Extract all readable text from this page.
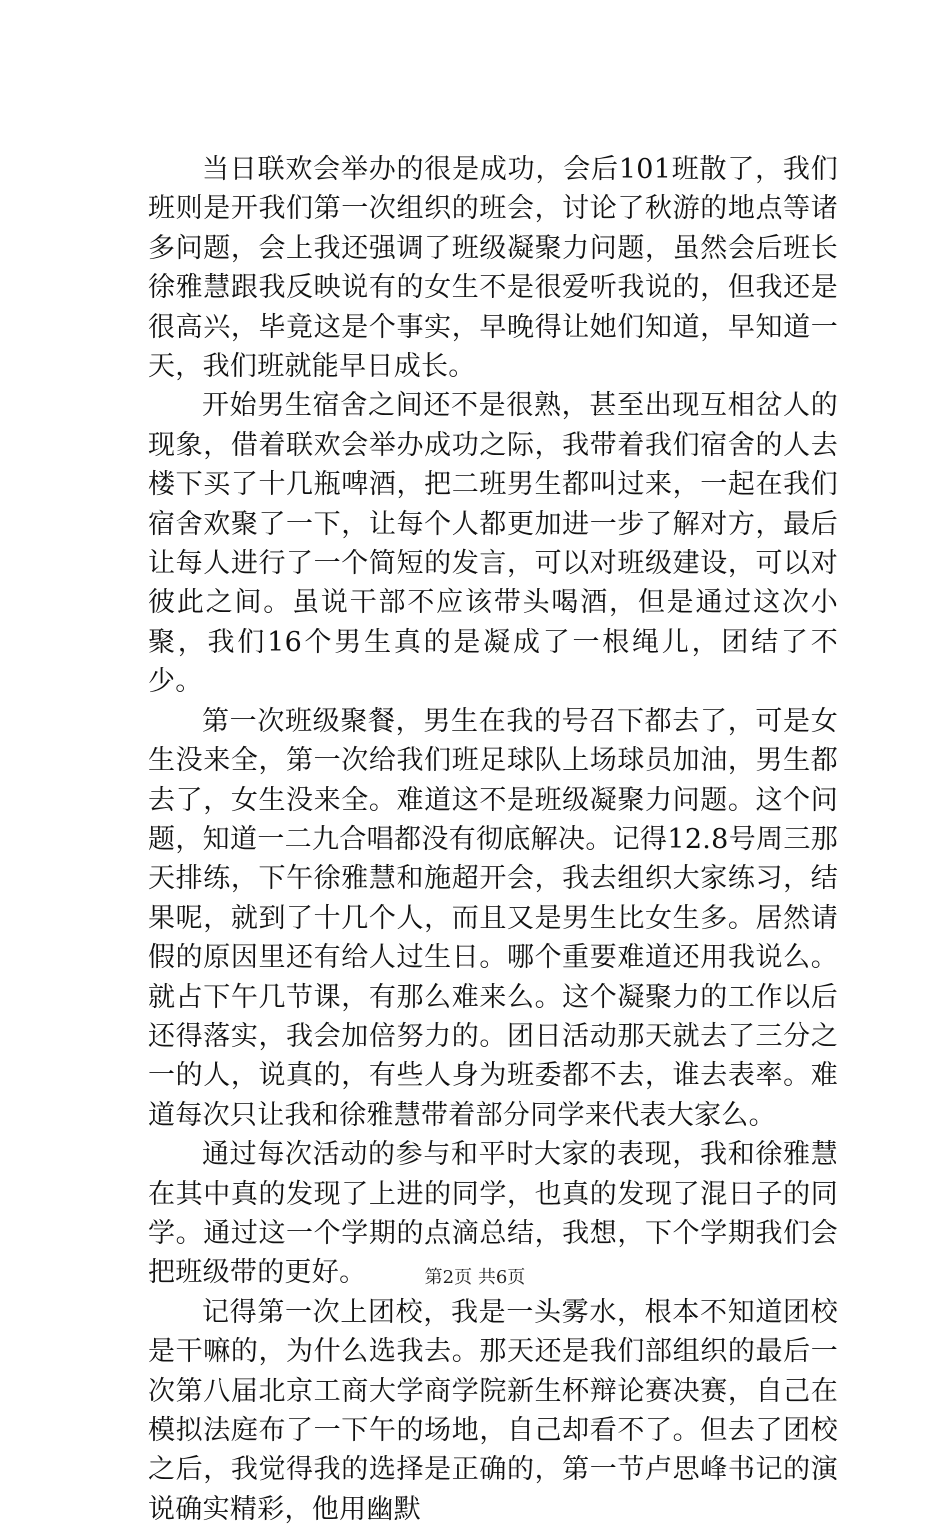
当日联欢会举办的很是成功，会后101班散了，我们班则是开我们第一次组织的班会，讨论了秋游的地点等诸多问题，会上我还强调了班级凝聚力问题，虽然会后班长徐雅慧跟我反映说有的女生不是很爱听我说的，但我还是很高兴，毕竟这是个事实，早晚得让她们知道，早知道一天，我们班就能早日成长。

开始男生宿舍之间还不是很熟，甚至出现互相岔人的现象，借着联欢会举办成功之际，我带着我们宿舍的人去楼下买了十几瓶啤酒，把二班男生都叫过来，一起在我们宿舍欢聚了一下，让每个人都更加进一步了解对方，最后让每人进行了一个简短的发言，可以对班级建设，可以对彼此之间。虽说干部不应该带头喝酒，但是通过这次小聚，我们16个男生真的是凝成了一根绳儿，团结了不少。

第一次班级聚餐，男生在我的号召下都去了，可是女生没来全，第一次给我们班足球队上场球员加油，男生都去了，女生没来全。难道这不是班级凝聚力问题。这个问题，知道一二九合唱都没有彻底解决。记得12.8号周三那天排练，下午徐雅慧和施超开会，我去组织大家练习，结果呢，就到了十几个人，而且又是男生比女生多。居然请假的原因里还有给人过生日。哪个重要难道还用我说么。就占下午几节课，有那么难来么。这个凝聚力的工作以后还得落实，我会加倍努力的。团日活动那天就去了三分之一的人，说真的，有些人身为班委都不去，谁去表率。难道每次只让我和徐雅慧带着部分同学来代表大家么。

通过每次活动的参与和平时大家的表现，我和徐雅慧在其中真的发现了上进的同学，也真的发现了混日子的同学。通过这一个学期的点滴总结，我想，下个学期我们会把班级带的更好。

记得第一次上团校，我是一头雾水，根本不知道团校是干嘛的，为什么选我去。那天还是我们部组织的最后一次第八届北京工商大学商学院新生杯辩论赛决赛，自己在模拟法庭布了一下午的场地，自己却看不了。但去了团校之后，我觉得我的选择是正确的，第一节卢思峰书记的演说确实精彩，他用幽默

第2页 共6页
